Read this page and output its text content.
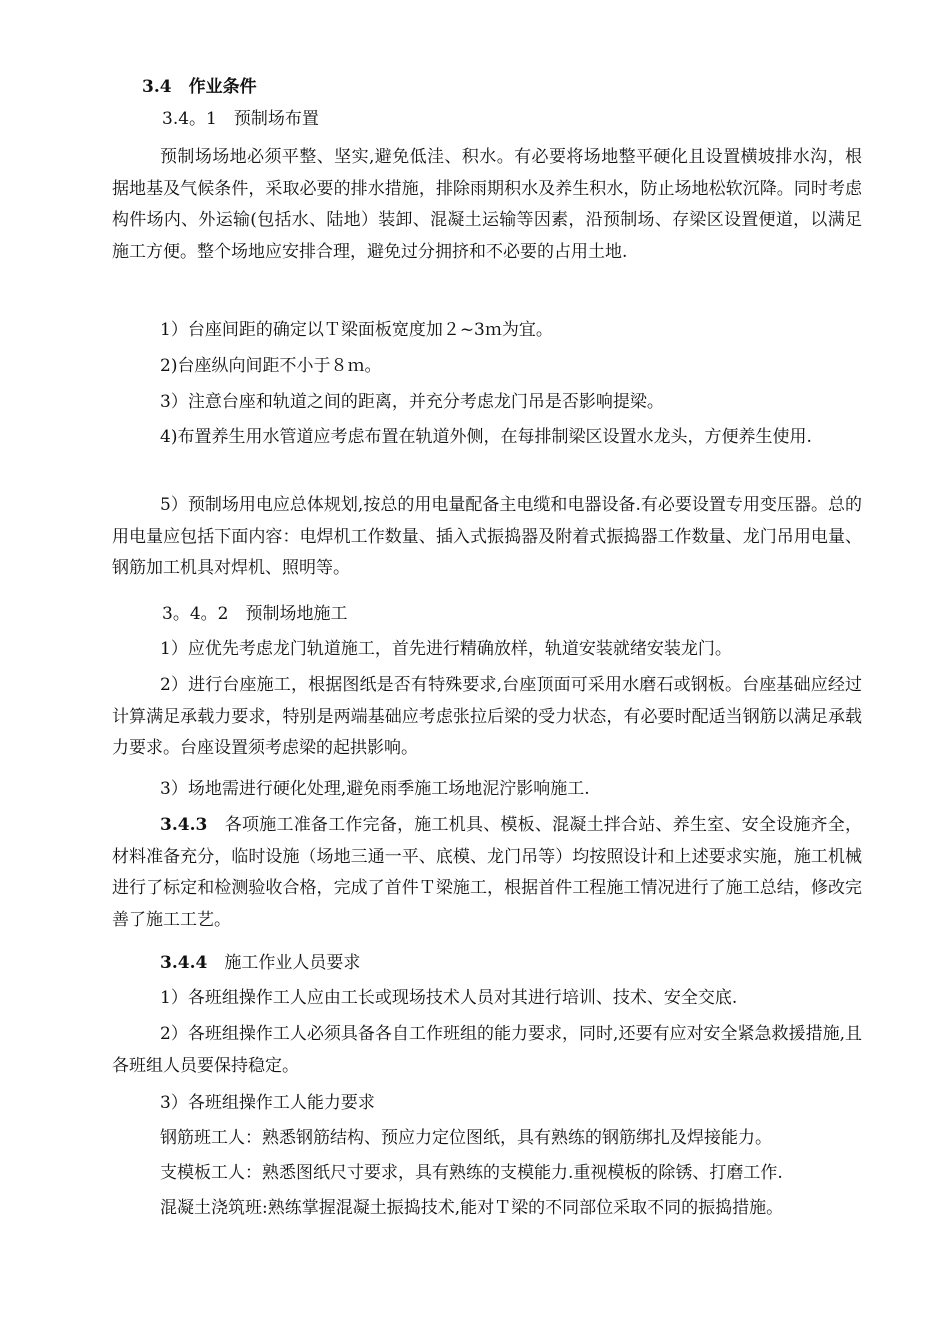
3.4　作业条件

3.4。1　预制场布置

预制场场地必须平整、坚实,避免低洼、积水。有必要将场地整平硬化且设置横坡排水沟，根据地基及气候条件，采取必要的排水措施，排除雨期积水及养生积水，防止场地松软沉降。同时考虑构件场内、外运输(包括水、陆地）装卸、混凝土运输等因素，沿预制场、存梁区设置便道，以满足施工方便。整个场地应安排合理，避免过分拥挤和不必要的占用土地.

1）台座间距的确定以Ｔ梁面板宽度加２~3ｍ为宜。

2)台座纵向间距不小于８ｍ。

3）注意台座和轨道之间的距离，并充分考虑龙门吊是否影响提梁。

4)布置养生用水管道应考虑布置在轨道外侧，在每排制梁区设置水龙头，方便养生使用.

5）预制场用电应总体规划,按总的用电量配备主电缆和电器设备.有必要设置专用变压器。总的用电量应包括下面内容：电焊机工作数量、插入式振捣器及附着式振捣器工作数量、龙门吊用电量、钢筋加工机具对焊机、照明等。

3。4。2　预制场地施工

1）应优先考虑龙门轨道施工，首先进行精确放样，轨道安装就绪安装龙门。

2）进行台座施工，根据图纸是否有特殊要求,台座顶面可采用水磨石或钢板。台座基础应经过计算满足承载力要求，特别是两端基础应考虑张拉后梁的受力状态，有必要时配适当钢筋以满足承载力要求。台座设置须考虑梁的起拱影响。

3）场地需进行硬化处理,避免雨季施工场地泥泞影响施工.

3.4.3　各项施工准备工作完备，施工机具、模板、混凝土拌合站、养生室、安全设施齐全，材料准备充分，临时设施（场地三通一平、底模、龙门吊等）均按照设计和上述要求实施，施工机械进行了标定和检测验收合格，完成了首件Ｔ梁施工，根据首件工程施工情况进行了施工总结，修改完善了施工工艺。

3.4.4　施工作业人员要求

1）各班组操作工人应由工长或现场技术人员对其进行培训、技术、安全交底.

2）各班组操作工人必须具备各自工作班组的能力要求，同时,还要有应对安全紧急救援措施,且各班组人员要保持稳定。

3）各班组操作工人能力要求

钢筋班工人：熟悉钢筋结构、预应力定位图纸，具有熟练的钢筋绑扎及焊接能力。

支模板工人：熟悉图纸尺寸要求，具有熟练的支模能力.重视模板的除锈、打磨工作.

混凝土浇筑班:熟练掌握混凝土振捣技术,能对Ｔ梁的不同部位采取不同的振捣措施。
